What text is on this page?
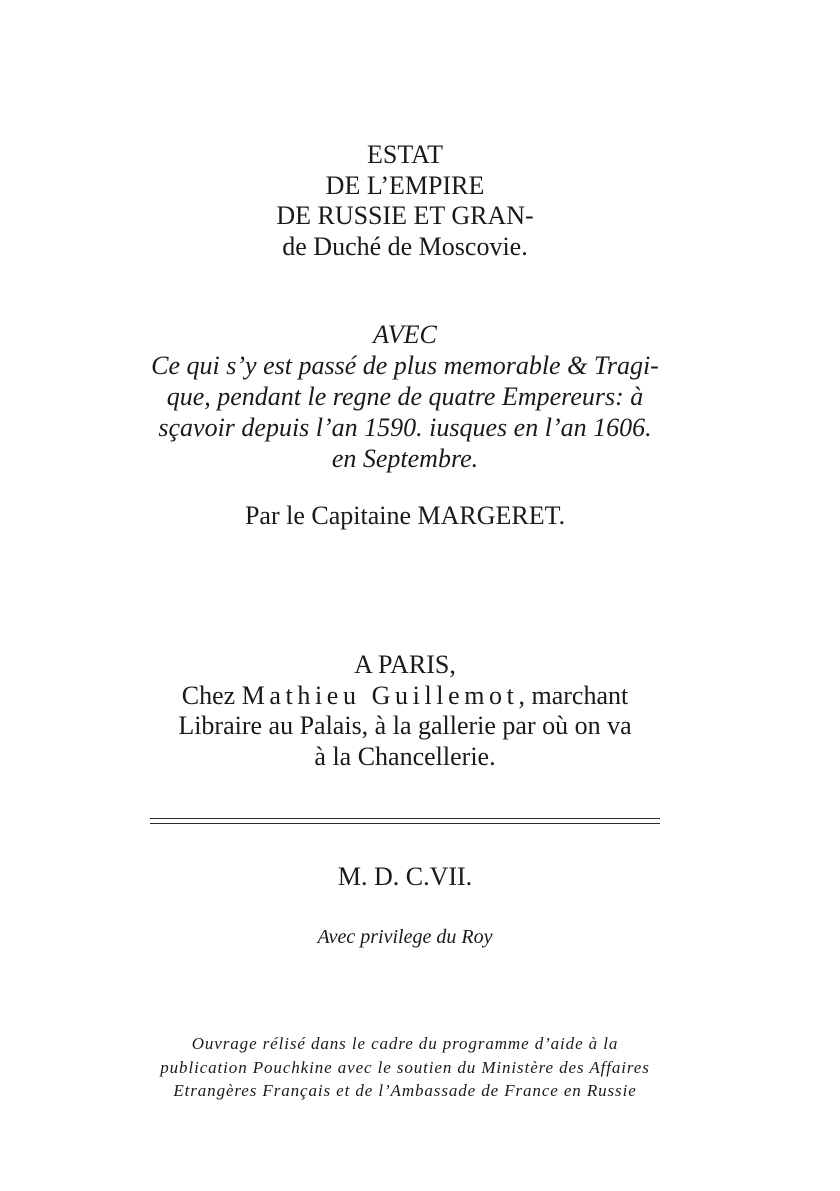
ESTAT
DE L’EMPIRE
DE RUSSIE ET GRAN-
de Duché de Moscovie.
AVEC
Ce qui s’y est passé de plus memorable & Tragi-
que, pendant le regne de quatre Empereurs: à
sçavoir depuis l’an 1590. iusques en l’an 1606.
en Septembre.
Par le Capitaine MARGERET.
A PARIS,
Chez Mathieu Guillemot, marchant
Libraire au Palais, à la gallerie par où on va
à la Chancellerie.
M. D. C.VII.
Avec privilege du Roy
Ouvrage rélisé dans le cadre du programme d’aide à la
publication Pouchkine avec le soutien du Ministère des Affaires
Etrangères Français et de l’Ambassade de France en Russie
